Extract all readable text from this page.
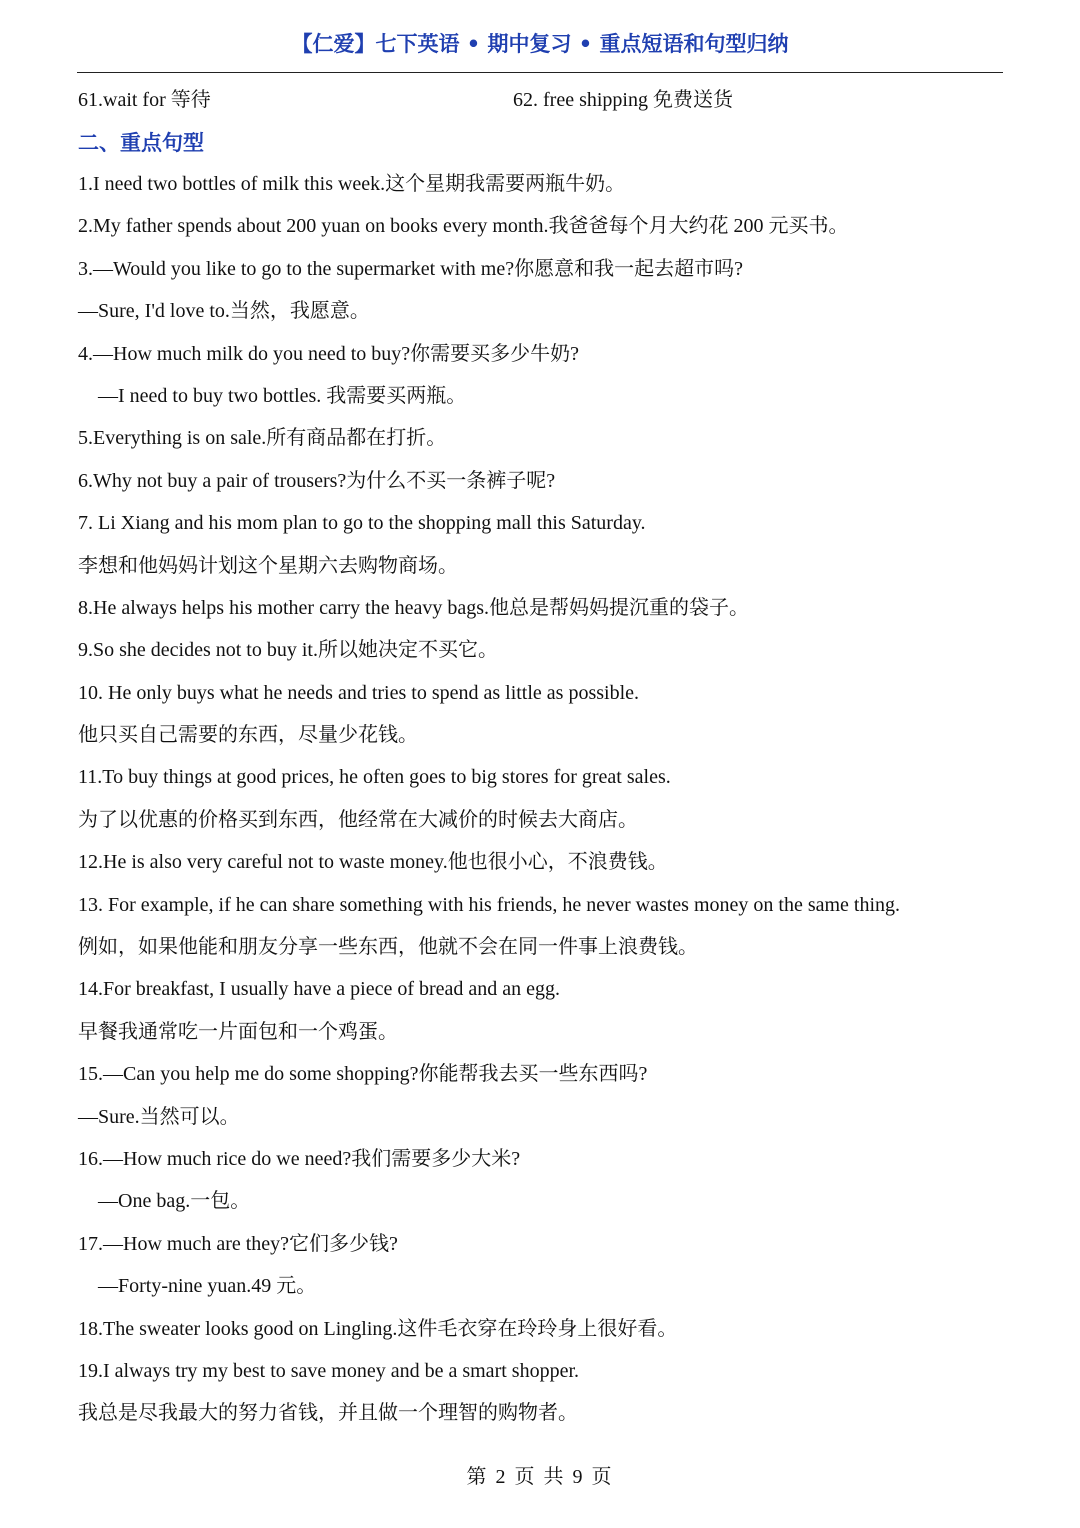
【仁爱】七下英语 • 期中复习 • 重点短语和句型归纳
61.wait for 等待	62. free shipping 免费送货
二、重点句型
1.I need two bottles of milk this week.这个星期我需要两瓶牛奶。
2.My father spends about 200 yuan on books every month.我爸爸每个月大约花 200 元买书。
3.—Would you like to go to the supermarket with me?你愿意和我一起去超市吗?
—Sure, I'd love to.当然，我愿意。
4.—How much milk do you need to buy?你需要买多少牛奶?
—I need to buy two bottles. 我需要买两瓶。
5.Everything is on sale.所有商品都在打折。
6.Why not buy a pair of trousers?为什么不买一条裤子呢?
7. Li Xiang and his mom plan to go to the shopping mall this Saturday.
李想和他妈妈计划这个星期六去购物商场。
8.He always helps his mother carry the heavy bags.他总是帮妈妈提沉重的袋子。
9.So she decides not to buy it.所以她决定不买它。
10. He only buys what he needs and tries to spend as little as possible.
他只买自己需要的东西，尽量少花钱。
11.To buy things at good prices, he often goes to big stores for great sales.
为了以优惠的价格买到东西，他经常在大减价的时候去大商店。
12.He is also very careful not to waste money.他也很小心，不浪费钱。
13. For example, if he can share something with his friends, he never wastes money on the same thing.
例如，如果他能和朋友分享一些东西，他就不会在同一件事上浪费钱。
14.For breakfast, I usually have a piece of bread and an egg.
早餐我通常吃一片面包和一个鸡蛋。
15.—Can you help me do some shopping?你能帮我去买一些东西吗?
—Sure.当然可以。
16.—How much rice do we need?我们需要多少大米?
—One bag.一包。
17.—How much are they?它们多少钱?
—Forty-nine yuan.49 元。
18.The sweater looks good on Lingling.这件毛衣穿在玲玲身上很好看。
19.I always try my best to save money and be a smart shopper.
我总是尽我最大的努力省钱，并且做一个理智的购物者。
第 2 页 共 9 页
